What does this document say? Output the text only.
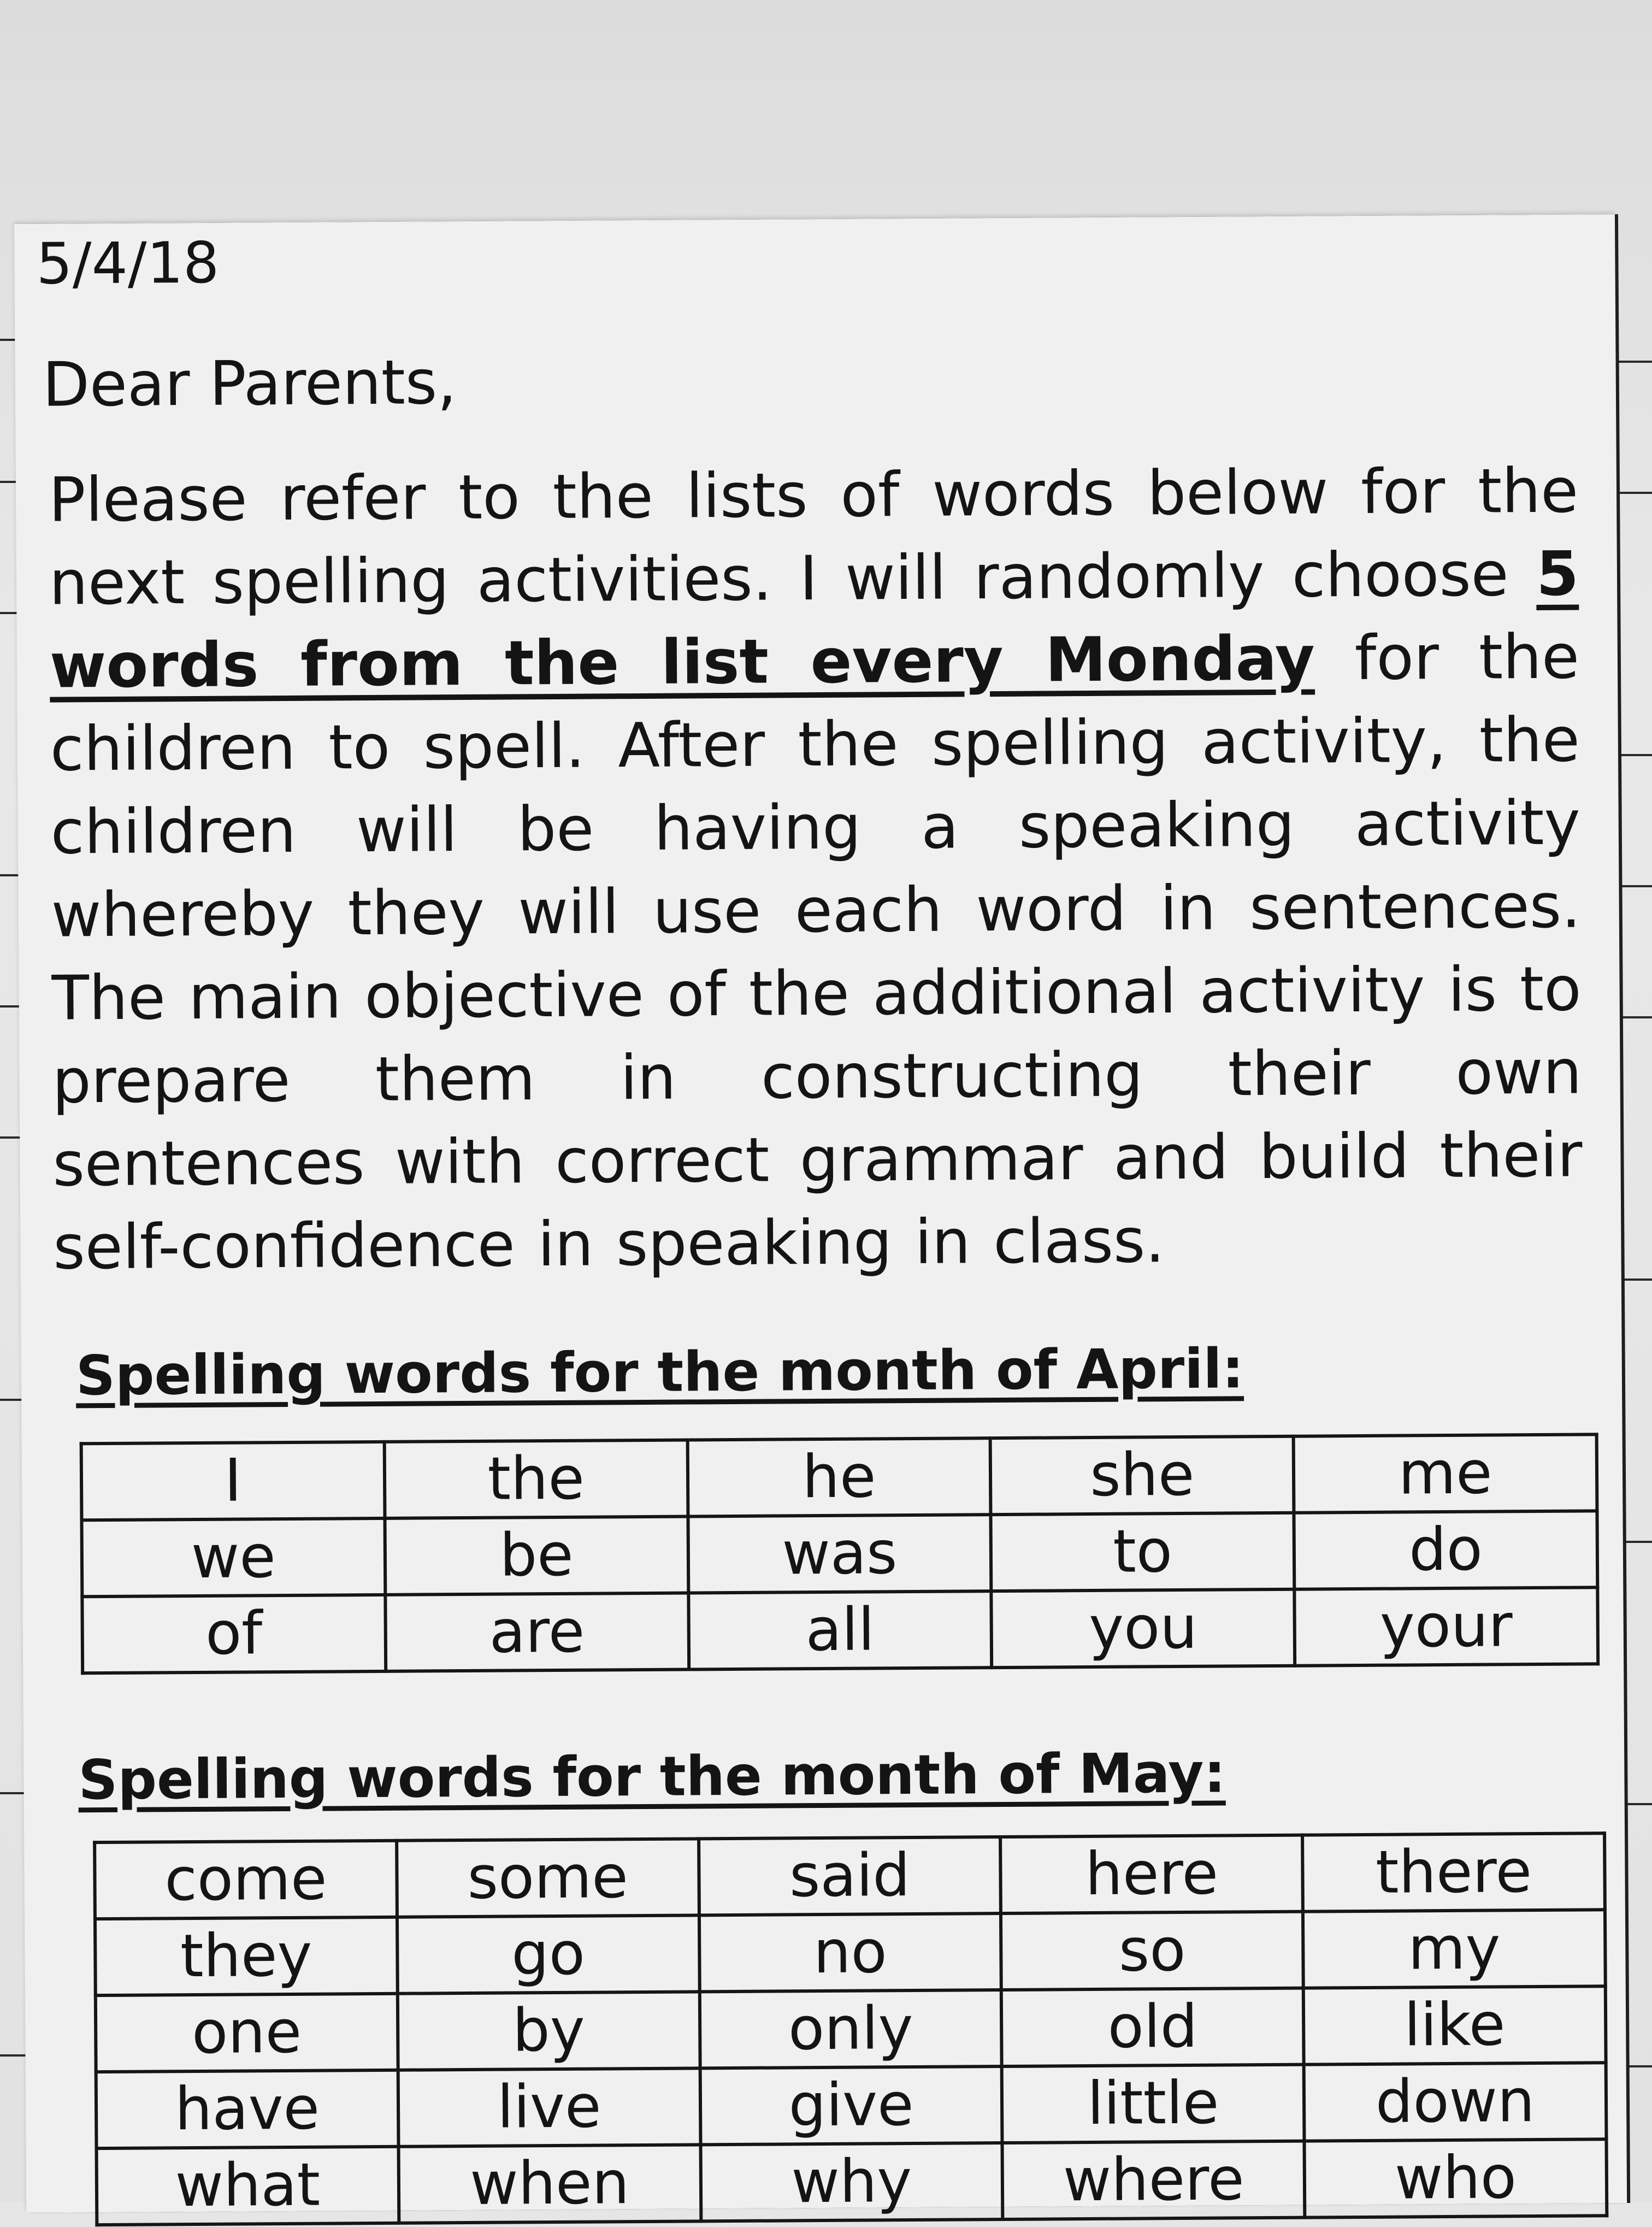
5/4/18

Dear Parents,

Please refer to the lists of words below for the next spelling activities. I will randomly choose 5 words from the list every Monday for the children to spell. After the spelling activity, the children will be having a speaking activity whereby they will use each word in sentences. The main objective of the additional activity is to prepare them in constructing their own sentences with correct grammar and build their self-confidence in speaking in class.

Spelling words for the month of April:
I	the	he	she	me
we	be	was	to	do
of	are	all	you	your
Spelling words for the month of May:
come	some	said	here	there
they	go	no	so	my
one	by	only	old	like
have	live	give	little	down
what	when	why	where	who
